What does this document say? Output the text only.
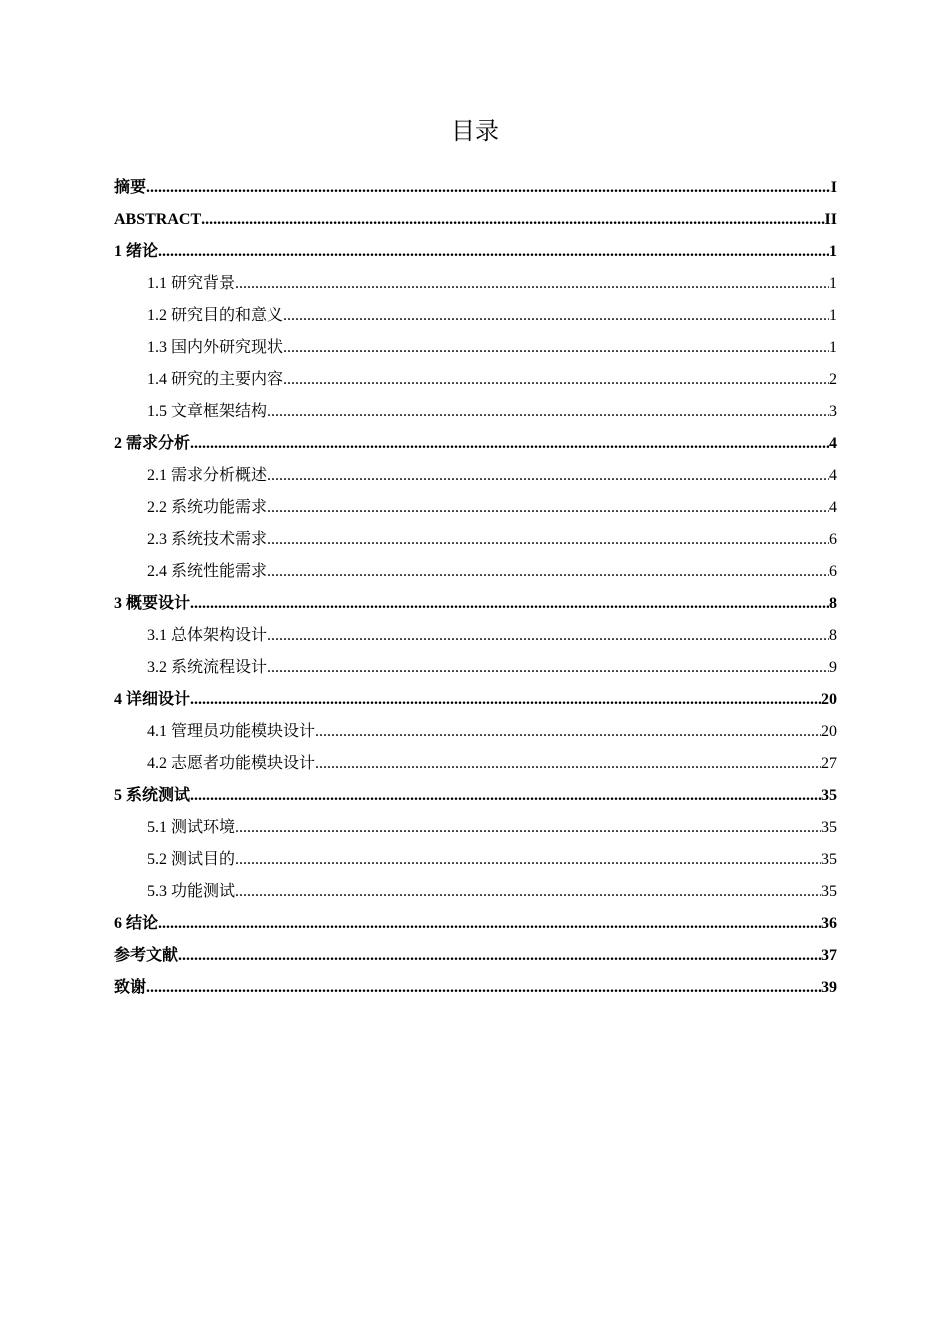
目录
摘要 .....	I
ABSTRACT .....	II
1 绪论 .....	1
1.1 研究背景 .....	1
1.2 研究目的和意义 .....	1
1.3 国内外研究现状 .....	1
1.4 研究的主要内容 .....	2
1.5 文章框架结构 .....	3
2 需求分析 .....	4
2.1 需求分析概述 .....	4
2.2 系统功能需求 .....	4
2.3 系统技术需求 .....	6
2.4 系统性能需求 .....	6
3 概要设计 .....	8
3.1 总体架构设计 .....	8
3.2 系统流程设计 .....	9
4 详细设计 .....	20
4.1 管理员功能模块设计 .....	20
4.2 志愿者功能模块设计 .....	27
5 系统测试 .....	35
5.1 测试环境 .....	35
5.2 测试目的 .....	35
5.3 功能测试 .....	35
6 结论 .....	36
参考文献 .....	37
致谢 .....	39
